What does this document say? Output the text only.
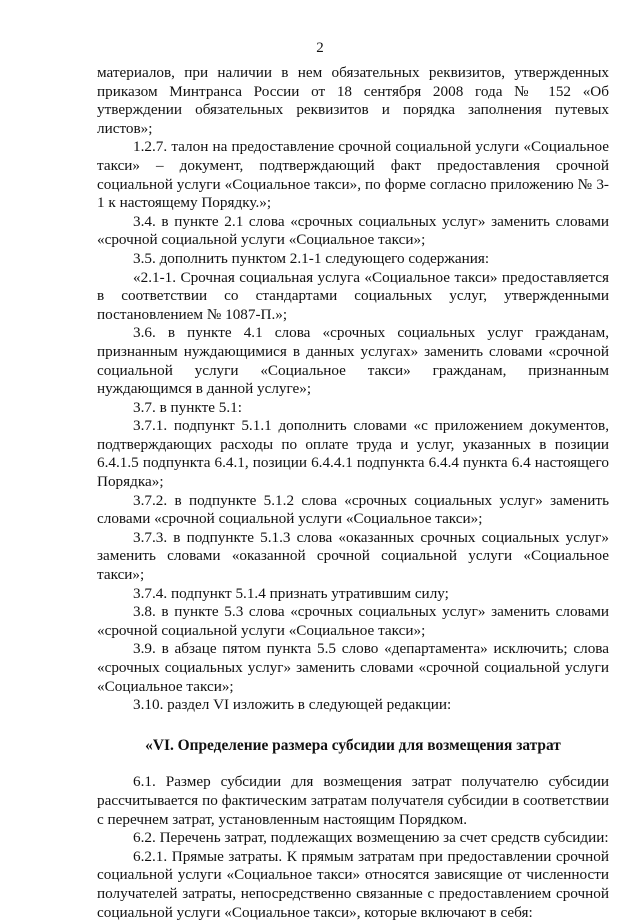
2

материалов, при наличии в нем обязательных реквизитов, утвержденных приказом Минтранса России от 18 сентября 2008 года № 152 «Об утверждении обязательных реквизитов и порядка заполнения путевых листов»;

1.2.7. талон на предоставление срочной социальной услуги «Социальное такси» – документ, подтверждающий факт предоставления срочной социальной услуги «Социальное такси», по форме согласно приложению № 3-1 к настоящему Порядку.»;

3.4. в пункте 2.1 слова «срочных социальных услуг» заменить словами «срочной социальной услуги «Социальное такси»;

3.5. дополнить пунктом 2.1-1 следующего содержания:

«2.1-1. Срочная социальная услуга «Социальное такси» предоставляется в соответствии со стандартами социальных услуг, утвержденными постановлением № 1087-П.»;

3.6. в пункте 4.1 слова «срочных социальных услуг гражданам, признанным нуждающимися в данных услугах» заменить словами «срочной социальной услуги «Социальное такси» гражданам, признанным нуждающимся в данной услуге»;

3.7. в пункте 5.1:

3.7.1. подпункт 5.1.1 дополнить словами «с приложением документов, подтверждающих расходы по оплате труда и услуг, указанных в позиции 6.4.1.5 подпункта 6.4.1, позиции 6.4.4.1 подпункта 6.4.4 пункта 6.4 настоящего Порядка»;

3.7.2. в подпункте 5.1.2 слова «срочных социальных услуг» заменить словами «срочной социальной услуги «Социальное такси»;

3.7.3. в подпункте 5.1.3 слова «оказанных срочных социальных услуг» заменить словами «оказанной срочной социальной услуги «Социальное такси»;

3.7.4. подпункт 5.1.4 признать утратившим силу;

3.8. в пункте 5.3 слова «срочных социальных услуг» заменить словами «срочной социальной услуги «Социальное такси»;

3.9. в абзаце пятом пункта 5.5 слово «департамента» исключить; слова «срочных социальных услуг» заменить словами «срочной социальной услуги «Социальное такси»;

3.10. раздел VI изложить в следующей редакции:

«VI. Определение размера субсидии для возмещения затрат

6.1. Размер субсидии для возмещения затрат получателю субсидии рассчитывается по фактическим затратам получателя субсидии в соответствии с перечнем затрат, установленным настоящим Порядком.

6.2. Перечень затрат, подлежащих возмещению за счет средств субсидии:

6.2.1. Прямые затраты. К прямым затратам при предоставлении срочной социальной услуги «Социальное такси» относятся зависящие от численности получателей затраты, непосредственно связанные с предоставлением срочной социальной услуги «Социальное такси», которые включают в себя:
